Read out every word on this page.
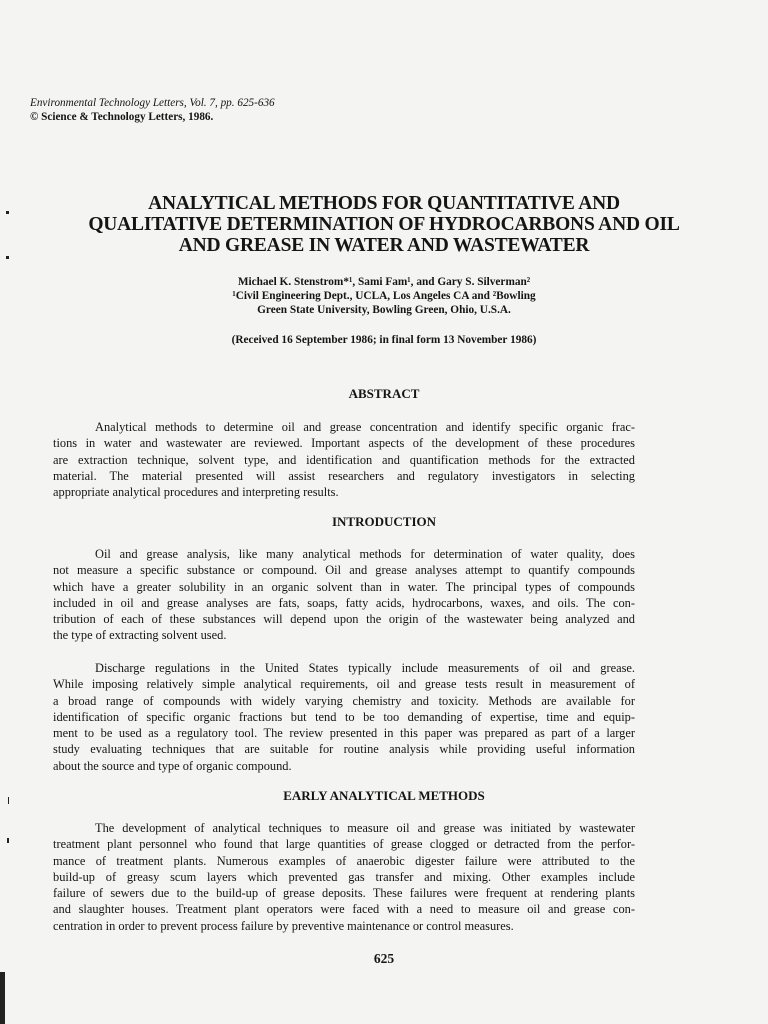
Environmental Technology Letters, Vol. 7, pp. 625-636
© Science & Technology Letters, 1986.
ANALYTICAL METHODS FOR QUANTITATIVE AND
QUALITATIVE DETERMINATION OF HYDROCARBONS AND OIL
AND GREASE IN WATER AND WASTEWATER
Michael K. Stenstrom*¹, Sami Fam¹, and Gary S. Silverman²
¹Civil Engineering Dept., UCLA, Los Angeles CA and ²Bowling
Green State University, Bowling Green, Ohio, U.S.A.
(Received 16 September 1986; in final form 13 November 1986)
ABSTRACT

Analytical methods to determine oil and grease concentration and identify specific organic frac-
tions in water and wastewater are reviewed. Important aspects of the development of these procedures
are extraction technique, solvent type, and identification and quantification methods for the extracted
material. The material presented will assist researchers and regulatory investigators in selecting
appropriate analytical procedures and interpreting results.

INTRODUCTION

Oil and grease analysis, like many analytical methods for determination of water quality, does
not measure a specific substance or compound. Oil and grease analyses attempt to quantify compounds
which have a greater solubility in an organic solvent than in water. The principal types of compounds
included in oil and grease analyses are fats, soaps, fatty acids, hydrocarbons, waxes, and oils. The con-
tribution of each of these substances will depend upon the origin of the wastewater being analyzed and
the type of extracting solvent used.

Discharge regulations in the United States typically include measurements of oil and grease.
While imposing relatively simple analytical requirements, oil and grease tests result in measurement of
a broad range of compounds with widely varying chemistry and toxicity. Methods are available for
identification of specific organic fractions but tend to be too demanding of expertise, time and equip-
ment to be used as a regulatory tool. The review presented in this paper was prepared as part of a larger
study evaluating techniques that are suitable for routine analysis while providing useful information
about the source and type of organic compound.

EARLY ANALYTICAL METHODS

The development of analytical techniques to measure oil and grease was initiated by wastewater
treatment plant personnel who found that large quantities of grease clogged or detracted from the perfor-
mance of treatment plants. Numerous examples of anaerobic digester failure were attributed to the
build-up of greasy scum layers which prevented gas transfer and mixing. Other examples include
failure of sewers due to the build-up of grease deposits. These failures were frequent at rendering plants
and slaughter houses. Treatment plant operators were faced with a need to measure oil and grease con-
centration in order to prevent process failure by preventive maintenance or control measures.

625
